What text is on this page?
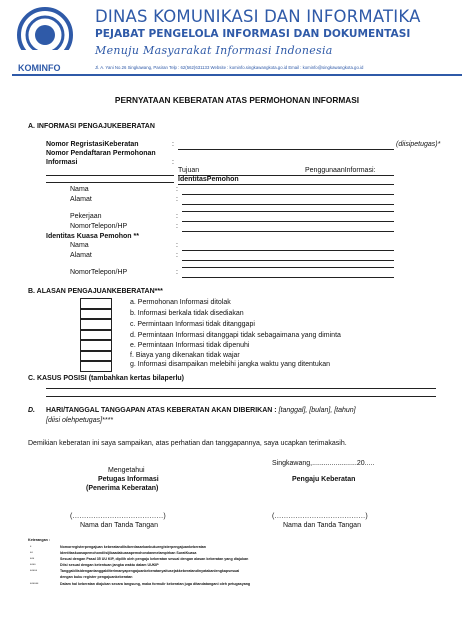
KOMINFO
DINAS KOMUNIKASI DAN INFORMATIKA
PEJABAT PENGELOLA INFORMASI DAN DOKUMENTASI
Menuju Masyarakat Informasi Indonesia
Jl. A. Yani No.26 Singkawang, Pasiran Telp : 62(562)631133 Website : kominfo.singkawangkota.go.id Email : kominfo@singkawangkota.go.id
PERNYATAAN KEBERATAN ATAS PERMOHONAN INFORMASI
A. INFORMASI PENGAJUKEBERATAN
Nomor RegristasiKeberatan	:	(diisipetugas)*
Nomor Pendaftaran Permohonan
Informasi	:
Tujuan	PenggunaanInformasi:
IdentitasPemohon
Nama	:
Alamat	:
Pekerjaan	:
NomorTelepon/HP	:
Identitas Kuasa Pemohon **
Nama	:
Alamat	:
NomorTelepon/HP	:
B. ALASAN PENGAJUANKEBERATAN***
a. Permohonan Informasi ditolak
b. Informasi berkala tidak disediakan
c. Permintaan Informasi tidak ditanggapi
d. Permintaan Informasi ditanggapi tidak sebagaimana yang diminta
e. Permintaan Informasi tidak dipenuhi
f. Biaya yang dikenakan tidak wajar
g. Informasi disampaikan melebihi jangka waktu yang ditentukan
C. KASUS POSISI (tambahkan kertas bilaperlu)
D. HARI/TANGGAL TANGGAPAN ATAS KEBERATAN AKAN DIBERIKAN : [tanggal], [bulan], [tahun]
[diisi olehpetugas]****
Demikian keberatan ini saya sampaikan, atas perhatian dan tanggapannya, saya ucapkan terimakasih.
Singkawang,.......................20.....
Mengetahui
Petugas Informasi
(Penerima Keberatan)
Pengaju Keberatan
(…………………………………)	(…………………………………)
Nama dan Tanda Tangan	Nama dan Tanda Tangan
Keterangan :
*	Nomorregisterpengajuan keberatandiisiberdasarkanbukuregisterpengajuankeberatan
**	Identitaskuasapemohondiisijikaadakuasapemohondanmelampirkan SuratKuasa
***	Sesuai dengan Pasal 35 UU KIP, dipilih oleh pengaju keberatan sesuai dengan alasan keberatan yang diajukan
****	Diisi sesuai dengan ketentuan jangka waktu dalam UUKIP
*****	Tanggaldiisidengantanggalditerimanyapengajuankeberatanyaitusejakkeberatandinyatakanlengkapsesuai
dengan buku register pengajuankeberatan
******	Dalam hal keberatan diajukan secara langsung, maka formulir keberatan juga ditandatangani oleh petugasyang
